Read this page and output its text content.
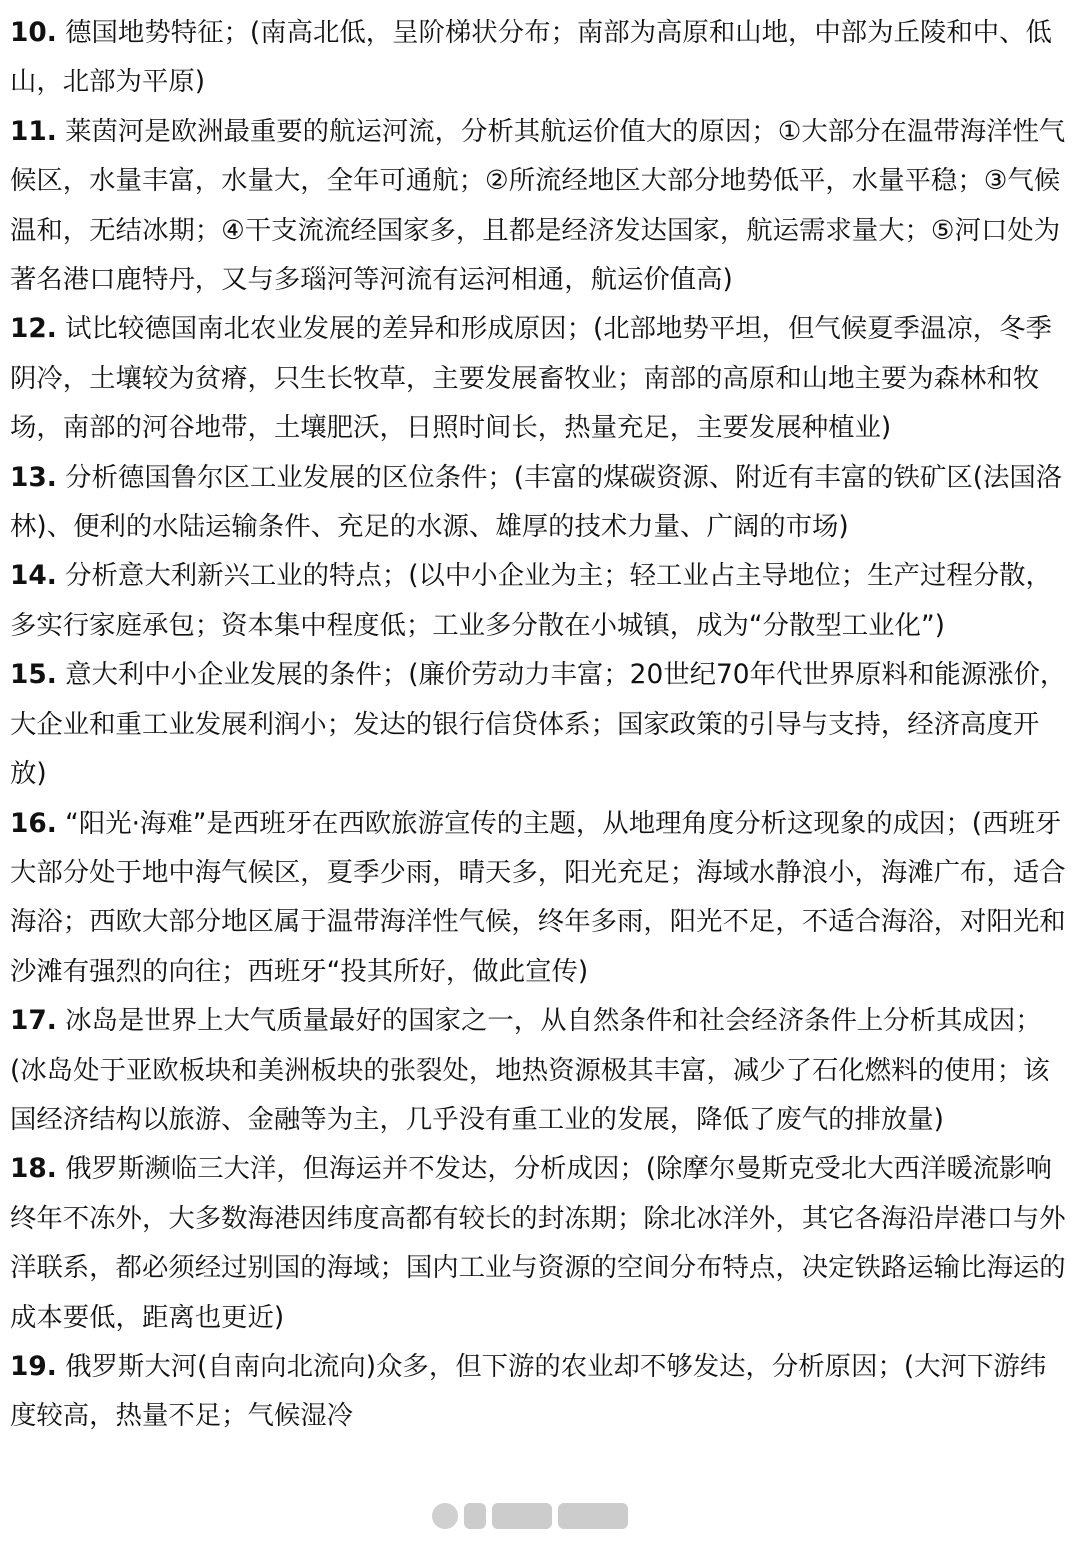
10. 德国地势特征；(南高北低，呈阶梯状分布；南部为高原和山地，中部为丘陵和中、低山，北部为平原)

11. 莱茵河是欧洲最重要的航运河流，分析其航运价值大的原因；①大部分在温带海洋性气候区，水量丰富，水量大，全年可通航；②所流经地区大部分地势低平，水量平稳；③气候温和，无结冰期；④干支流流经国家多，且都是经济发达国家，航运需求量大；⑤河口处为著名港口鹿特丹，又与多瑙河等河流有运河相通，航运价值高)

12. 试比较德国南北农业发展的差异和形成原因；(北部地势平坦，但气候夏季温凉，冬季阴冷，土壤较为贫瘠，只生长牧草，主要发展畜牧业；南部的高原和山地主要为森林和牧场，南部的河谷地带，土壤肥沃，日照时间长，热量充足，主要发展种植业)

13. 分析德国鲁尔区工业发展的区位条件；(丰富的煤碳资源、附近有丰富的铁矿区(法国洛林)、便利的水陆运输条件、充足的水源、雄厚的技术力量、广阔的市场)

14. 分析意大利新兴工业的特点；(以中小企业为主；轻工业占主导地位；生产过程分散，多实行家庭承包；资本集中程度低；工业多分散在小城镇，成为“分散型工业化”)

15. 意大利中小企业发展的条件；(廉价劳动力丰富；20世纪70年代世界原料和能源涨价，大企业和重工业发展利润小；发达的银行信贷体系；国家政策的引导与支持，经济高度开放)

16. “阳光·海难”是西班牙在西欧旅游宣传的主题，从地理角度分析这现象的成因；(西班牙大部分处于地中海气候区，夏季少雨，晴天多，阳光充足；海域水静浪小，海滩广布，适合海浴；西欧大部分地区属于温带海洋性气候，终年多雨，阳光不足，不适合海浴，对阳光和沙滩有强烈的向往；西班牙“投其所好，做此宣传)

17. 冰岛是世界上大气质量最好的国家之一，从自然条件和社会经济条件上分析其成因；(冰岛处于亚欧板块和美洲板块的张裂处，地热资源极其丰富，减少了石化燃料的使用；该国经济结构以旅游、金融等为主，几乎没有重工业的发展，降低了废气的排放量)

18. 俄罗斯濒临三大洋，但海运并不发达，分析成因；(除摩尔曼斯克受北大西洋暖流影响终年不冻外，大多数海港因纬度高都有较长的封冻期；除北冰洋外，其它各海沿岸港口与外洋联系，都必须经过别国的海域；国内工业与资源的空间分布特点，决定铁路运输比海运的成本要低，距离也更近)

19. 俄罗斯大河(自南向北流向)众多，但下游的农业却不够发达，分析原因；(大河下游纬度较高，热量不足；气候湿冷
